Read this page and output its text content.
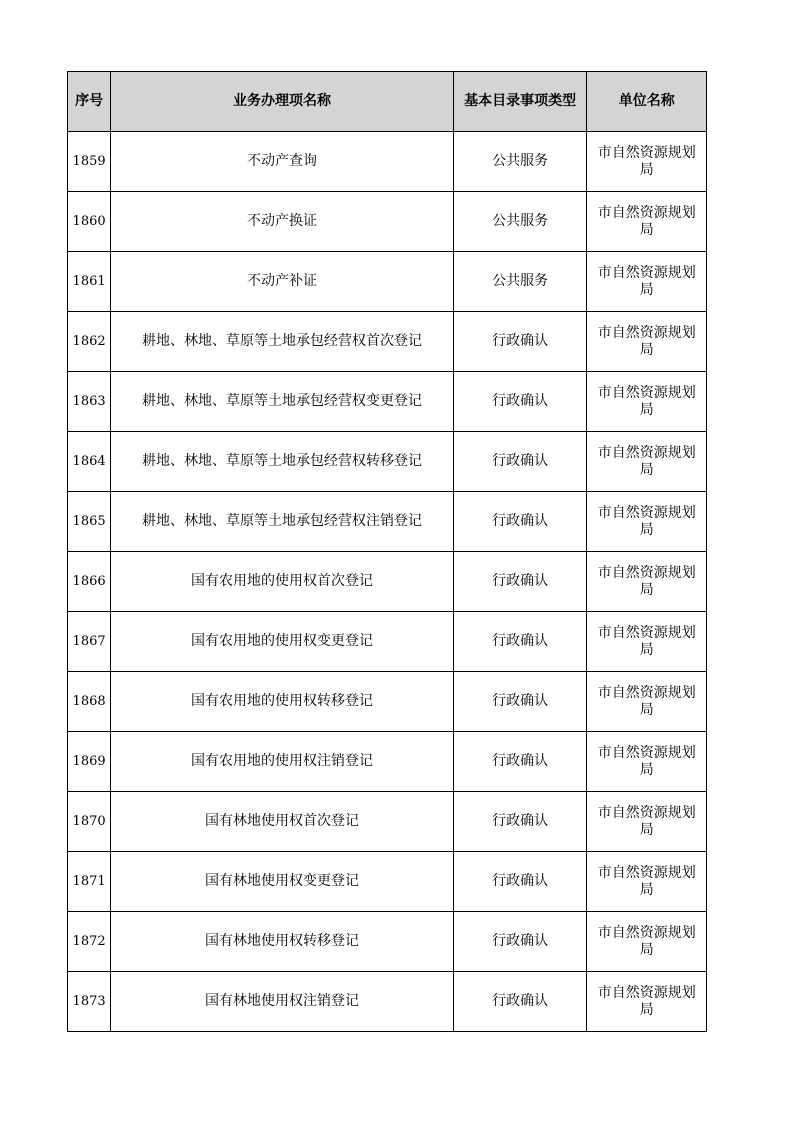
序号	业务办理项名称	基本目录事项类型	单位名称
1859	不动产查询	公共服务	市自然资源规划局
1860	不动产换证	公共服务	市自然资源规划局
1861	不动产补证	公共服务	市自然资源规划局
1862	耕地、林地、草原等土地承包经营权首次登记	行政确认	市自然资源规划局
1863	耕地、林地、草原等土地承包经营权变更登记	行政确认	市自然资源规划局
1864	耕地、林地、草原等土地承包经营权转移登记	行政确认	市自然资源规划局
1865	耕地、林地、草原等土地承包经营权注销登记	行政确认	市自然资源规划局
1866	国有农用地的使用权首次登记	行政确认	市自然资源规划局
1867	国有农用地的使用权变更登记	行政确认	市自然资源规划局
1868	国有农用地的使用权转移登记	行政确认	市自然资源规划局
1869	国有农用地的使用权注销登记	行政确认	市自然资源规划局
1870	国有林地使用权首次登记	行政确认	市自然资源规划局
1871	国有林地使用权变更登记	行政确认	市自然资源规划局
1872	国有林地使用权转移登记	行政确认	市自然资源规划局
1873	国有林地使用权注销登记	行政确认	市自然资源规划局
